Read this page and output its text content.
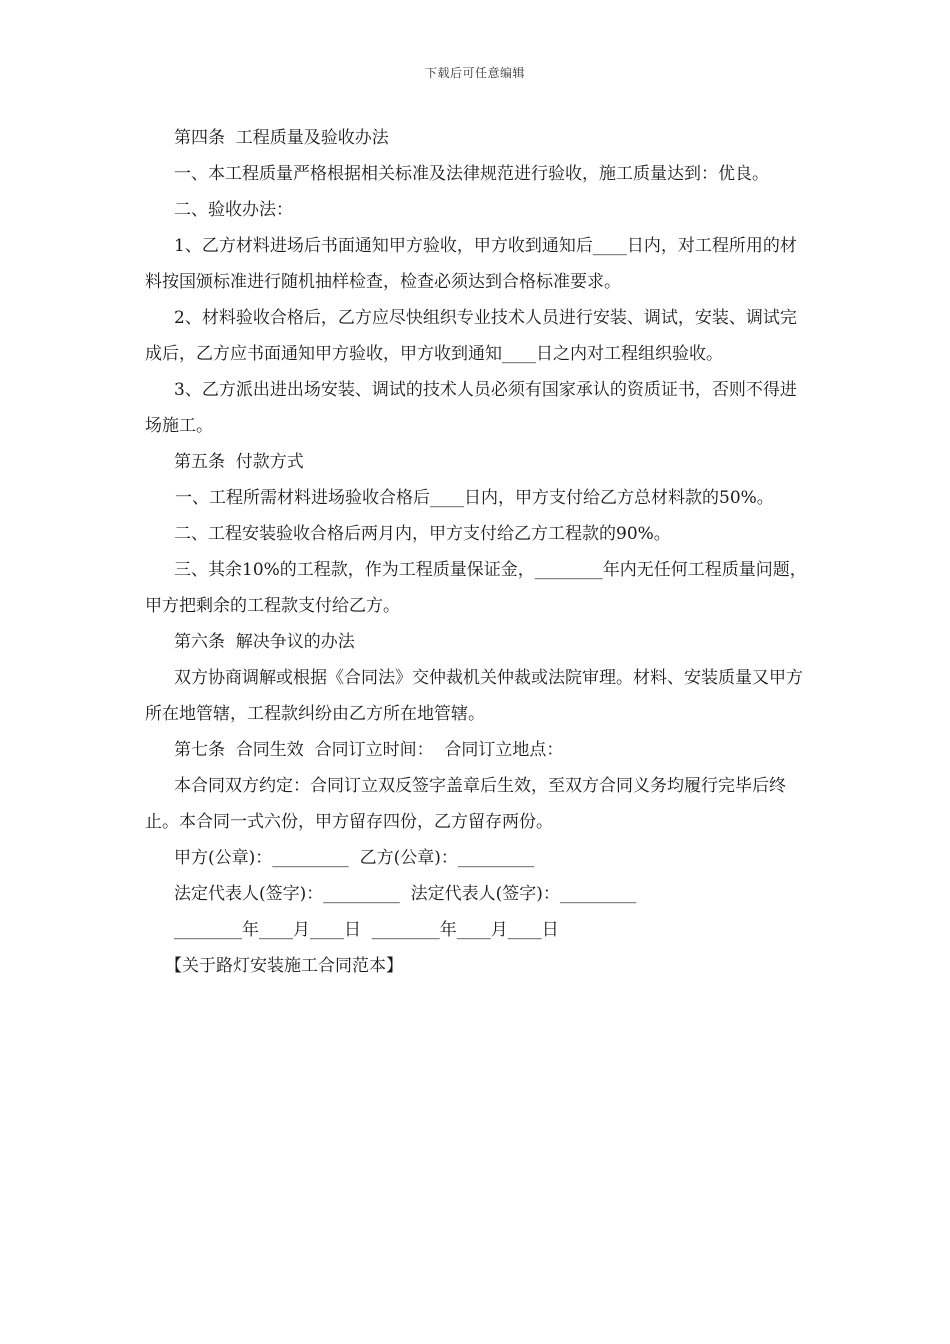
下载后可任意编辑

第四条  工程质量及验收办法

一、本工程质量严格根据相关标准及法律规范进行验收，施工质量达到：优良。

二、验收办法：

1、乙方材料进场后书面通知甲方验收，甲方收到通知后____日内，对工程所用的材料按国颁标准进行随机抽样检查，检查必须达到合格标准要求。

2、材料验收合格后，乙方应尽快组织专业技术人员进行安装、调试，安装、调试完成后，乙方应书面通知甲方验收，甲方收到通知____日之内对工程组织验收。

3、乙方派出进出场安装、调试的技术人员必须有国家承认的资质证书，否则不得进场施工。

第五条  付款方式

一、工程所需材料进场验收合格后____日内，甲方支付给乙方总材料款的50%。

二、工程安装验收合格后两月内，甲方支付给乙方工程款的90%。

三、其余10%的工程款，作为工程质量保证金，________年内无任何工程质量问题，甲方把剩余的工程款支付给乙方。

第六条  解决争议的办法

双方协商调解或根据《合同法》交仲裁机关仲裁或法院审理。材料、安装质量又甲方所在地管辖，工程款纠纷由乙方所在地管辖。

第七条  合同生效  合同订立时间：  合同订立地点：

本合同双方约定：合同订立双反签字盖章后生效，至双方合同义务均履行完毕后终止。本合同一式六份，甲方留存四份，乙方留存两份。

甲方(公章)：_________  乙方(公章)：_________

法定代表人(签字)：_________  法定代表人(签字)：_________

________年____月____日  ________年____月____日

【关于路灯安装施工合同范本】
